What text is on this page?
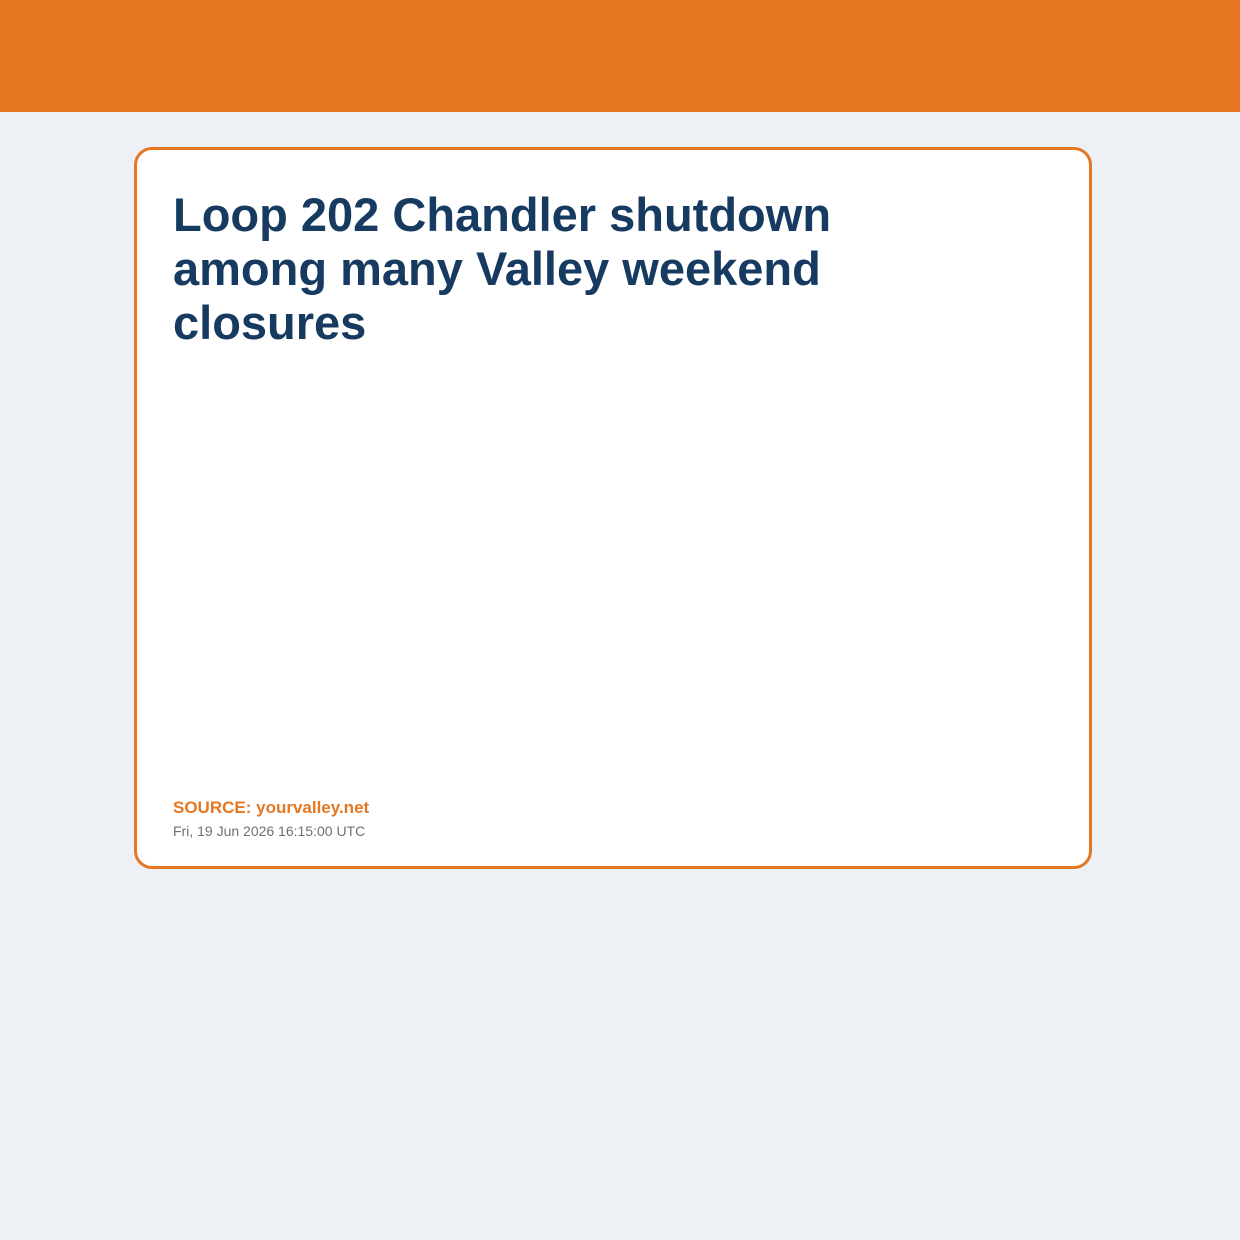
Loop 202 Chandler shutdown among many Valley weekend closures
SOURCE: yourvalley.net
Fri, 19 Jun 2026 16:15:00 UTC
